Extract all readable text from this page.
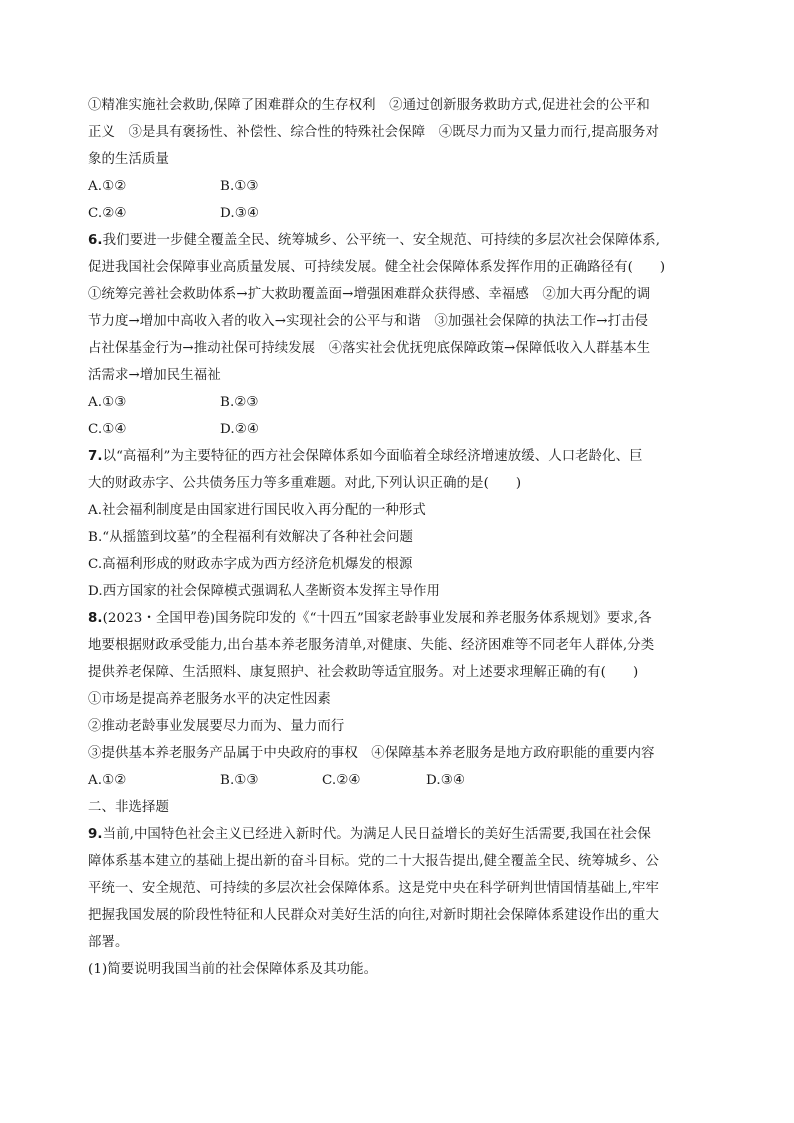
①精准实施社会救助,保障了困难群众的生存权利　②通过创新服务救助方式,促进社会的公平和
正义　③是具有褒扬性、补偿性、综合性的特殊社会保障　④既尽力而为又量力而行,提高服务对
象的生活质量
A.①②	B.①③
C.②④	D.③④
6.我们要进一步健全覆盖全民、统筹城乡、公平统一、安全规范、可持续的多层次社会保障体系,
促进我国社会保障事业高质量发展、可持续发展。健全社会保障体系发挥作用的正确路径有(　　)
①统筹完善社会救助体系→扩大救助覆盖面→增强困难群众获得感、幸福感　②加大再分配的调
节力度→增加中高收入者的收入→实现社会的公平与和谐　③加强社会保障的执法工作→打击侵
占社保基金行为→推动社保可持续发展　④落实社会优抚兜底保障政策→保障低收入人群基本生
活需求→增加民生福祉
A.①③	B.②③
C.①④	D.②④
7.以“高福利”为主要特征的西方社会保障体系如今面临着全球经济增速放缓、人口老龄化、巨
大的财政赤字、公共债务压力等多重难题。对此,下列认识正确的是(　　)
A.社会福利制度是由国家进行国民收入再分配的一种形式
B.“从摇篮到坟墓”的全程福利有效解决了各种社会问题
C.高福利形成的财政赤字成为西方经济危机爆发的根源
D.西方国家的社会保障模式强调私人垄断资本发挥主导作用
8.(2023・全国甲卷)国务院印发的《“十四五”国家老龄事业发展和养老服务体系规划》要求,各
地要根据财政承受能力,出台基本养老服务清单,对健康、失能、经济困难等不同老年人群体,分类
提供养老保障、生活照料、康复照护、社会救助等适宜服务。对上述要求理解正确的有(　　)
①市场是提高养老服务水平的决定性因素
②推动老龄事业发展要尽力而为、量力而行
③提供基本养老服务产品属于中央政府的事权　④保障基本养老服务是地方政府职能的重要内容
A.①②	B.①③	C.②④	D.③④
二、非选择题
9.当前,中国特色社会主义已经进入新时代。为满足人民日益增长的美好生活需要,我国在社会保
障体系基本建立的基础上提出新的奋斗目标。党的二十大报告提出,健全覆盖全民、统筹城乡、公
平统一、安全规范、可持续的多层次社会保障体系。这是党中央在科学研判世情国情基础上,牢牢
把握我国发展的阶段性特征和人民群众对美好生活的向往,对新时期社会保障体系建设作出的重大
部署。
(1)简要说明我国当前的社会保障体系及其功能。
